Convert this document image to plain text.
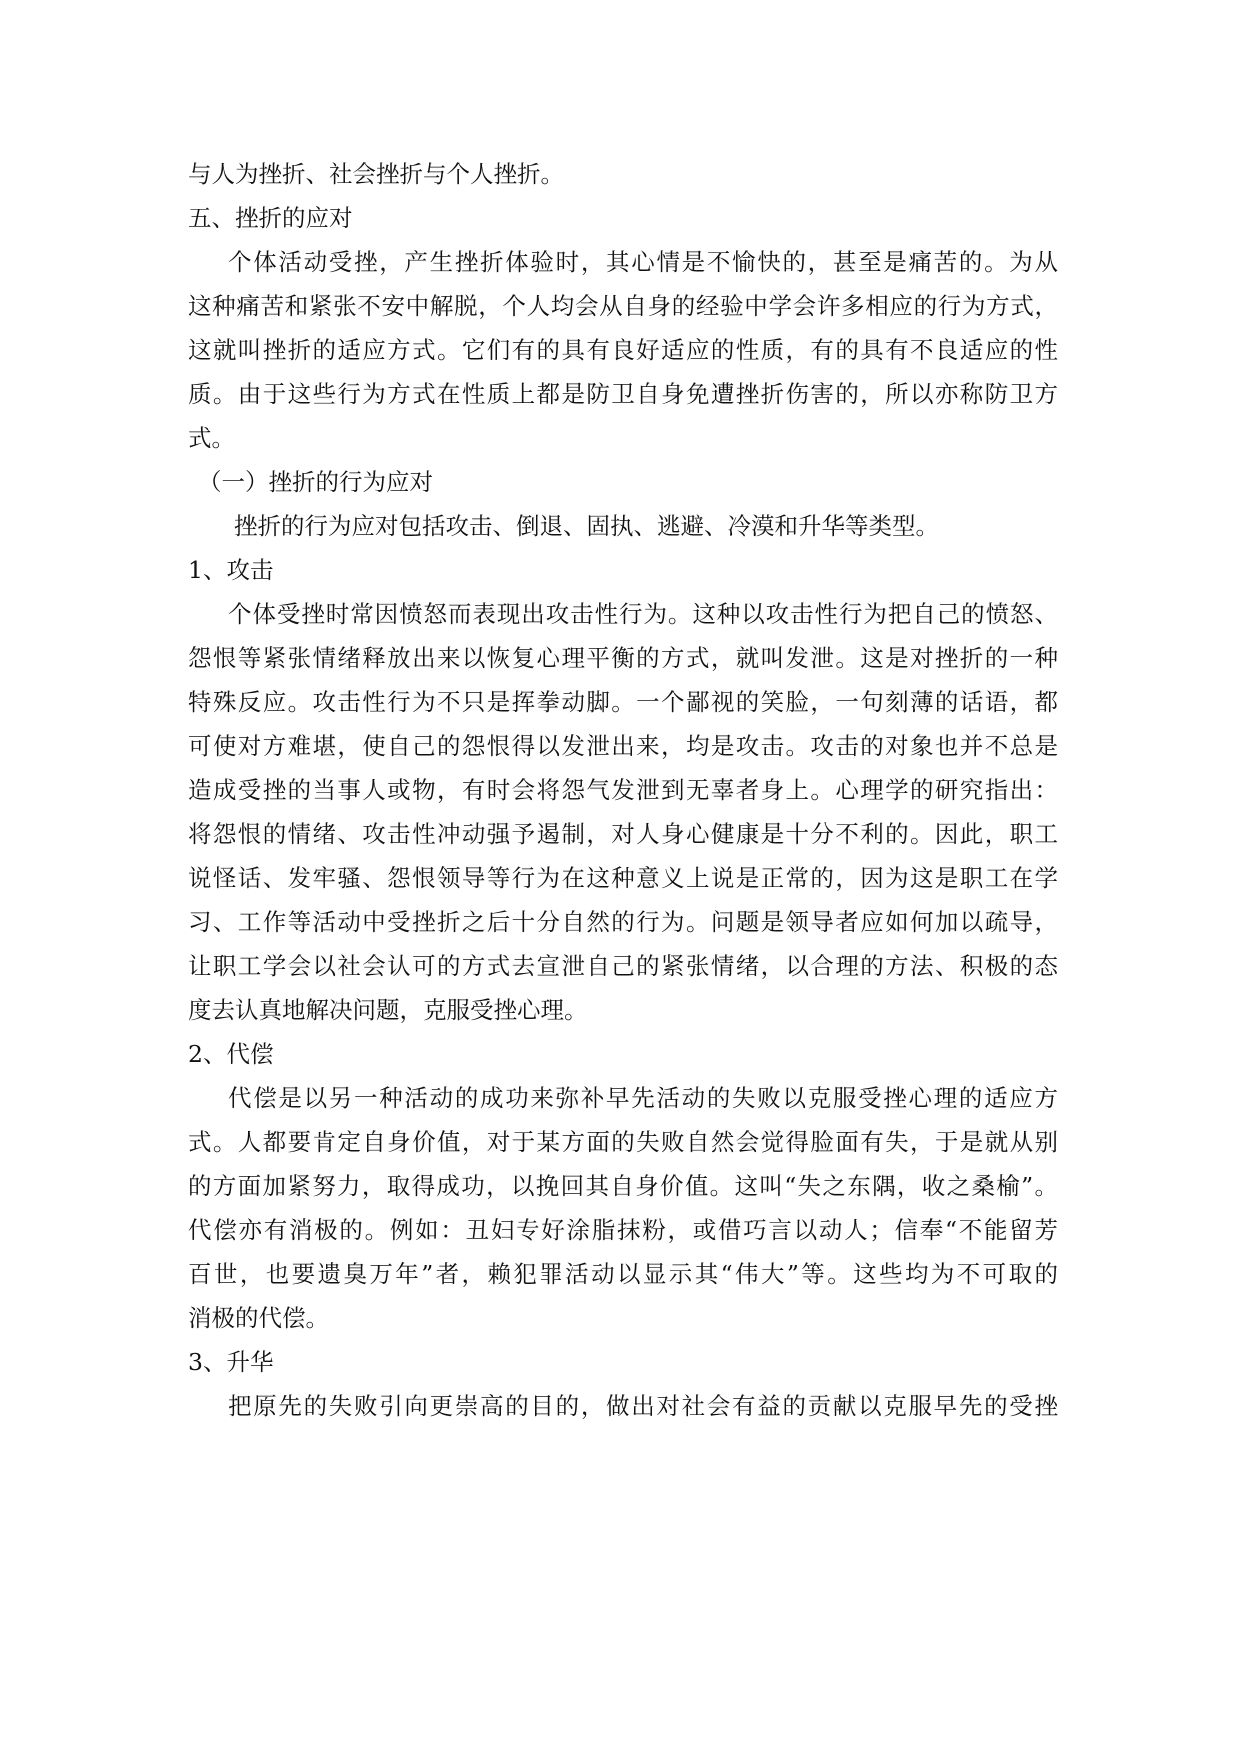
与人为挫折、社会挫折与个人挫折。
五、挫折的应对
个体活动受挫，产生挫折体验时，其心情是不愉快的，甚至是痛苦的。为从
这种痛苦和紧张不安中解脱，个人均会从自身的经验中学会许多相应的行为方式，
这就叫挫折的适应方式。它们有的具有良好适应的性质，有的具有不良适应的性
质。由于这些行为方式在性质上都是防卫自身免遭挫折伤害的，所以亦称防卫方
式。
（一）挫折的行为应对
挫折的行为应对包括攻击、倒退、固执、逃避、冷漠和升华等类型。
1、攻击
个体受挫时常因愤怒而表现出攻击性行为。这种以攻击性行为把自己的愤怒、
怨恨等紧张情绪释放出来以恢复心理平衡的方式，就叫发泄。这是对挫折的一种
特殊反应。攻击性行为不只是挥拳动脚。一个鄙视的笑脸，一句刻薄的话语，都
可使对方难堪，使自己的怨恨得以发泄出来，均是攻击。攻击的对象也并不总是
造成受挫的当事人或物，有时会将怨气发泄到无辜者身上。心理学的研究指出：
将怨恨的情绪、攻击性冲动强予遏制，对人身心健康是十分不利的。因此，职工
说怪话、发牢骚、怨恨领导等行为在这种意义上说是正常的，因为这是职工在学
习、工作等活动中受挫折之后十分自然的行为。问题是领导者应如何加以疏导，
让职工学会以社会认可的方式去宣泄自己的紧张情绪，以合理的方法、积极的态
度去认真地解决问题，克服受挫心理。
2、代偿
代偿是以另一种活动的成功来弥补早先活动的失败以克服受挫心理的适应方
式。人都要肯定自身价值，对于某方面的失败自然会觉得脸面有失，于是就从别
的方面加紧努力，取得成功，以挽回其自身价值。这叫“失之东隅，收之桑榆”。
代偿亦有消极的。例如：丑妇专好涂脂抹粉，或借巧言以动人；信奉“不能留芳
百世，也要遗臭万年”者，赖犯罪活动以显示其“伟大”等。这些均为不可取的
消极的代偿。
3、升华
把原先的失败引向更崇高的目的，做出对社会有益的贡献以克服早先的受挫
